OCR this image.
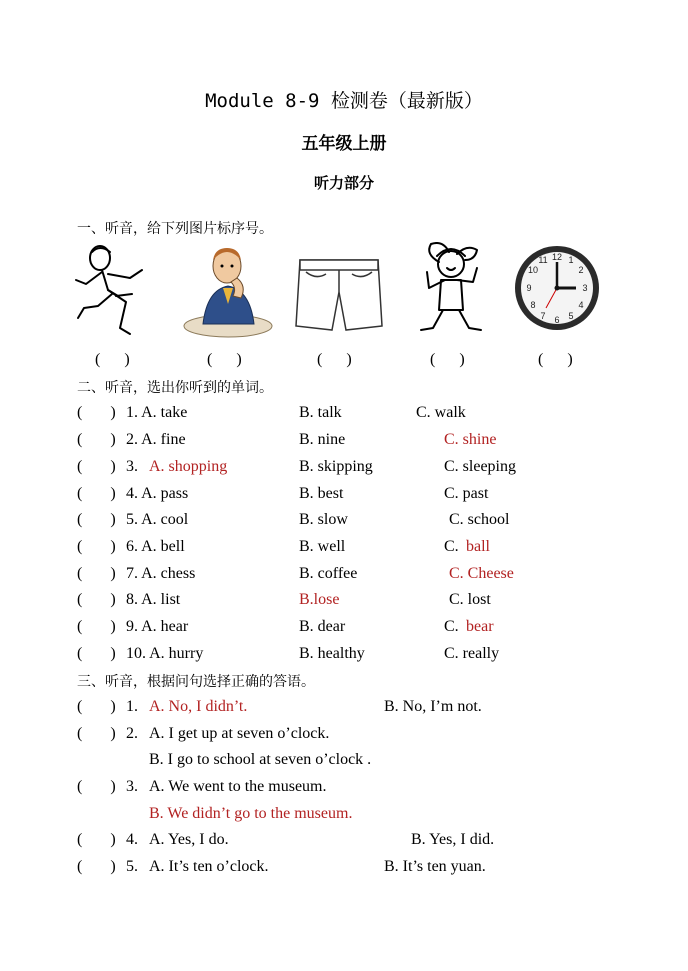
Module 8-9 检测卷（最新版）
五年级上册
听力部分
一、听音，给下列图片标序号。
12 1
2
3
4
5
6
7
8
9
10
11
(      )	(      )	(      )	(      )	(      )
二、听音，选出你听到的单词。
(       ) 1. A. take	B. talk	C. walk
(       ) 2. A. fine	B. nine	C. shine
(       ) 3. A. shopping	B. skipping	C. sleeping
(       ) 4. A. pass	B. best	C. past
(       ) 5. A. cool	B. slow	C. school
(       ) 6. A. bell	B. well	C. ball
(       ) 7. A. chess	B. coffee	C. Cheese
(       ) 8. A. list	B.lose	C. lost
(       ) 9. A. hear	B. dear	C. bear
(       ) 10. A. hurry	B. healthy	C. really
三、听音，根据问句选择正确的答语。
(       ) 1. A. No, I didn’t.	B. No, I’m not.
(       ) 2. A. I get up at seven o’clock.
B. I go to school at seven o’clock .
(       ) 3. A. We went to the museum.
B. We didn’t go to the museum.
(       ) 4. A. Yes, I do.	B. Yes, I did.
(       ) 5. A. It’s ten o’clock.	B. It’s ten yuan.
